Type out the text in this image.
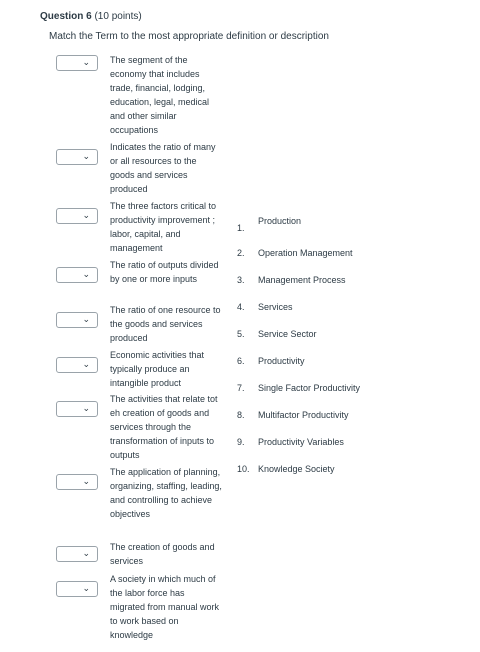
Question 6 (10 points)
Match the Term to the most appropriate definition or description
⌄ The segment of the economy that includes trade, financial, lodging, education, legal, medical and other similar occupations
⌄
Indicates the ratio of many or all resources to the goods and services produced
⌄
The three factors critical to productivity improvement ; labor, capital, and management
⌄
The ratio of outputs divided by one or more inputs
⌄
The ratio of one resource to the goods and services produced
⌄
Economic activities that typically produce an intangible product
⌄
The activities that relate tot eh creation of goods and services through the transformation of inputs to outputs
⌄
The application of planning, organizing, staffing, leading, and controlling to achieve objectives
⌄
The creation of goods and services
⌄
A society in which much of the labor force has migrated from manual work to work based on knowledge
1.Production
2. Operation Management
3. Management Process
4. Services
5. Service Sector
6. Productivity
7. Single Factor Productivity
8. Multifactor Productivity
9. Productivity Variables
10. Knowledge Society
